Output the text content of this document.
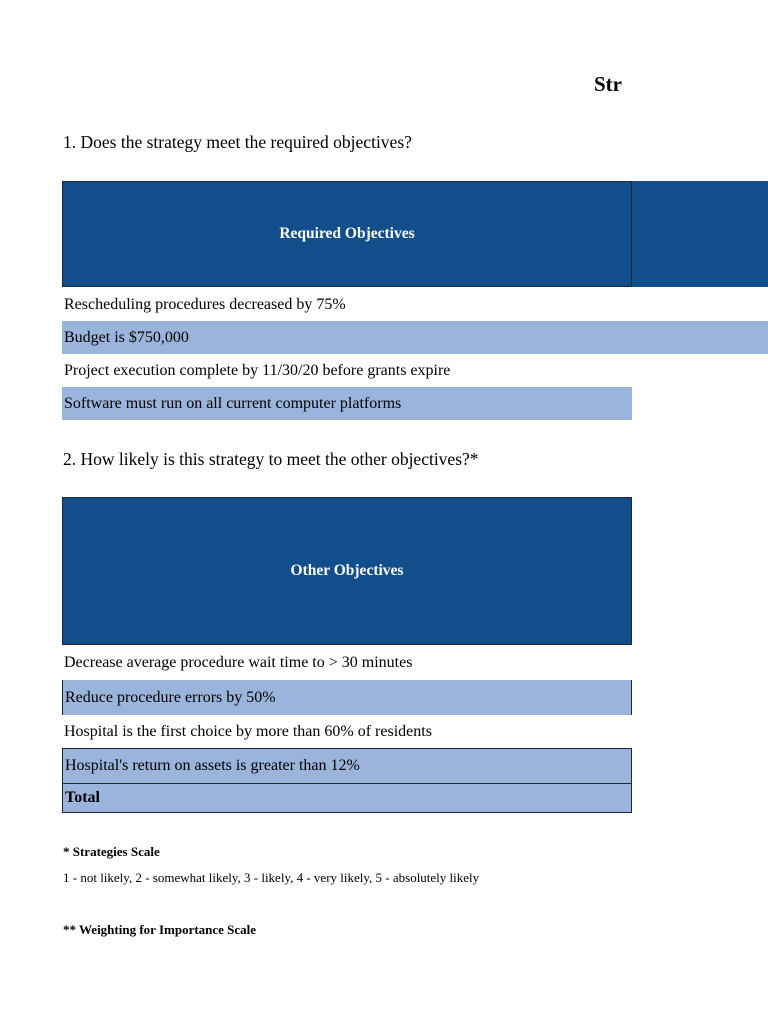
Str
1. Does the strategy meet the required objectives?
Required Objectives
Rescheduling procedures decreased by 75%
Budget is $750,000
Project execution complete by 11/30/20 before grants expire
Software must run on all current computer platforms
2. How likely is this strategy to meet the other objectives?*
Other Objectives
Decrease average procedure wait time to > 30 minutes
Reduce procedure errors by 50%
Hospital is the first choice by more than 60% of residents
Hospital's return on assets is greater than 12%
Total
* Strategies Scale
1 - not likely, 2 - somewhat likely, 3 - likely, 4 - very likely, 5 - absolutely likely
** Weighting for Importance Scale
